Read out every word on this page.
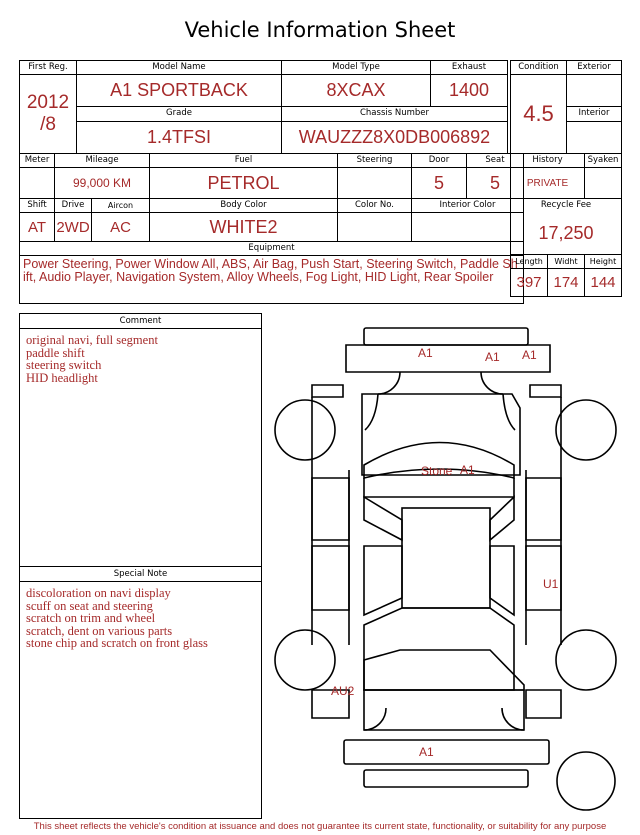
Vehicle Information Sheet
First Reg.	Model Name	Model Type	Exhaust

2012
/8	A1 SPORTBACK	8XCAX	1400
	Grade	Chassis Number	
	1.4TFSI	WAUZZZ8X0DB006892	
Meter	Mileage		Fuel	Steering	Door	Seat
	99,000 KM		PETROL		5	5
Shift	Drive	Aircon	Body Color	Color No.	Interior Color	
AT	2WD	AC	WHITE2			
Equipment						
Power Steering, Power Window All, ABS, Air Bag, Push Start, Steering Switch, Paddle Shift, Audio Player, Navigation System, Alloy Wheels, Fog Light, HID Light, Rear Spoiler						
Condition	Exterior
4.5	
	Interior

History		Syaken
PRIVATE		
Recycle Fee		
17,250		
Length	Widht	Height
397	174	144
Comment
original navi, full segment
paddle shift
steering switch
HID headlight
Special Note
discoloration on navi display
scuff on seat and steering
scratch on trim and wheel
scratch, dent on various parts
stone chip and scratch on front glass
A1	A1 A1
Stone A1
U1
AU2
A1
This sheet reflects the vehicle's condition at issuance and does not guarantee its current state, functionality, or suitability for any purpose
